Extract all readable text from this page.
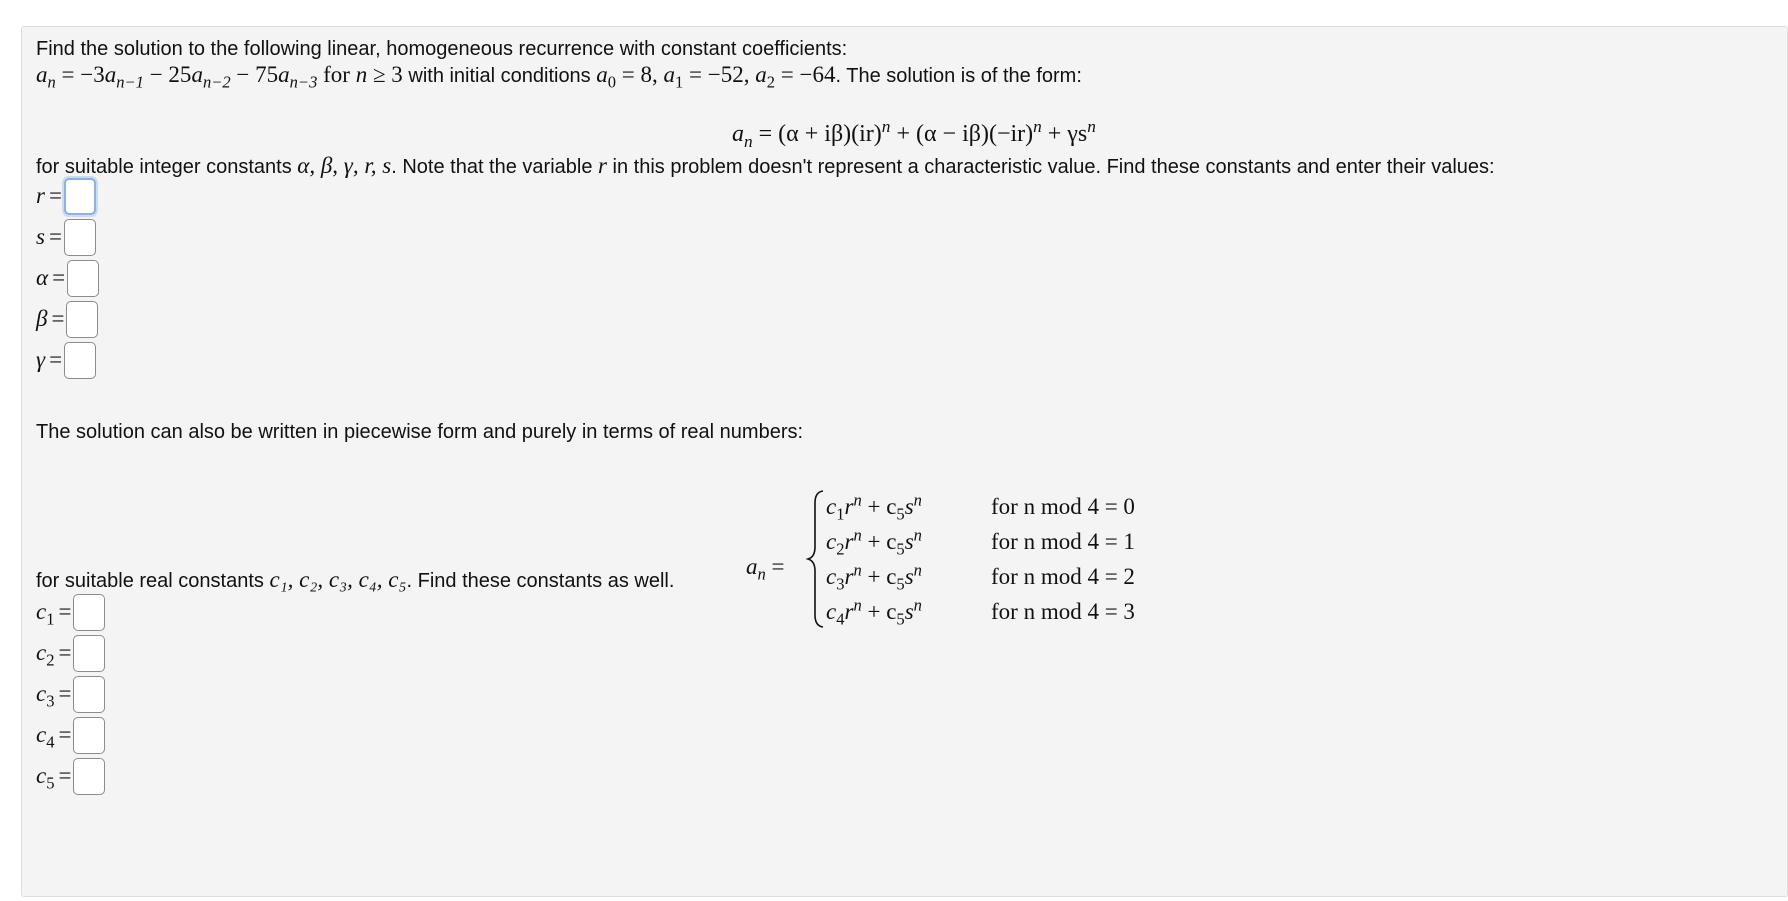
Find the solution to the following linear, homogeneous recurrence with constant coefficients:
$a_n = -3a_{n-1} - 25a_{n-2} - 75a_{n-3}$ for n ≥ 3 with initial conditions $a_0 = 8$, $a_1 = -52$, $a_2 = -64$. The solution is of the form:
$a_n = (\alpha + i\beta)(ir)^n + (\alpha - i\beta)(-ir)^n + \gamma s^n$
for suitable integer constants α, β, γ, r, s. Note that the variable r in this problem doesn't represent a characteristic value. Find these constants and enter their values:
r =
s =
α =
β =
γ =
The solution can also be written in piecewise form and purely in terms of real numbers:
$a_n$ =
$c_1r^n + c_5s^n$	for n mod 4 = 0
$c_2r^n + c_5s^n$	for n mod 4 = 1
$c_3r^n + c_5s^n$	for n mod 4 = 2
$c_4r^n + c_5s^n$	for n mod 4 = 3
for suitable real constants c₁, c₂, c₃, c₄, c₅. Find these constants as well.
$c_1$ =
$c_2$ =
$c_3$ =
$c_4$ =
$c_5$ =
